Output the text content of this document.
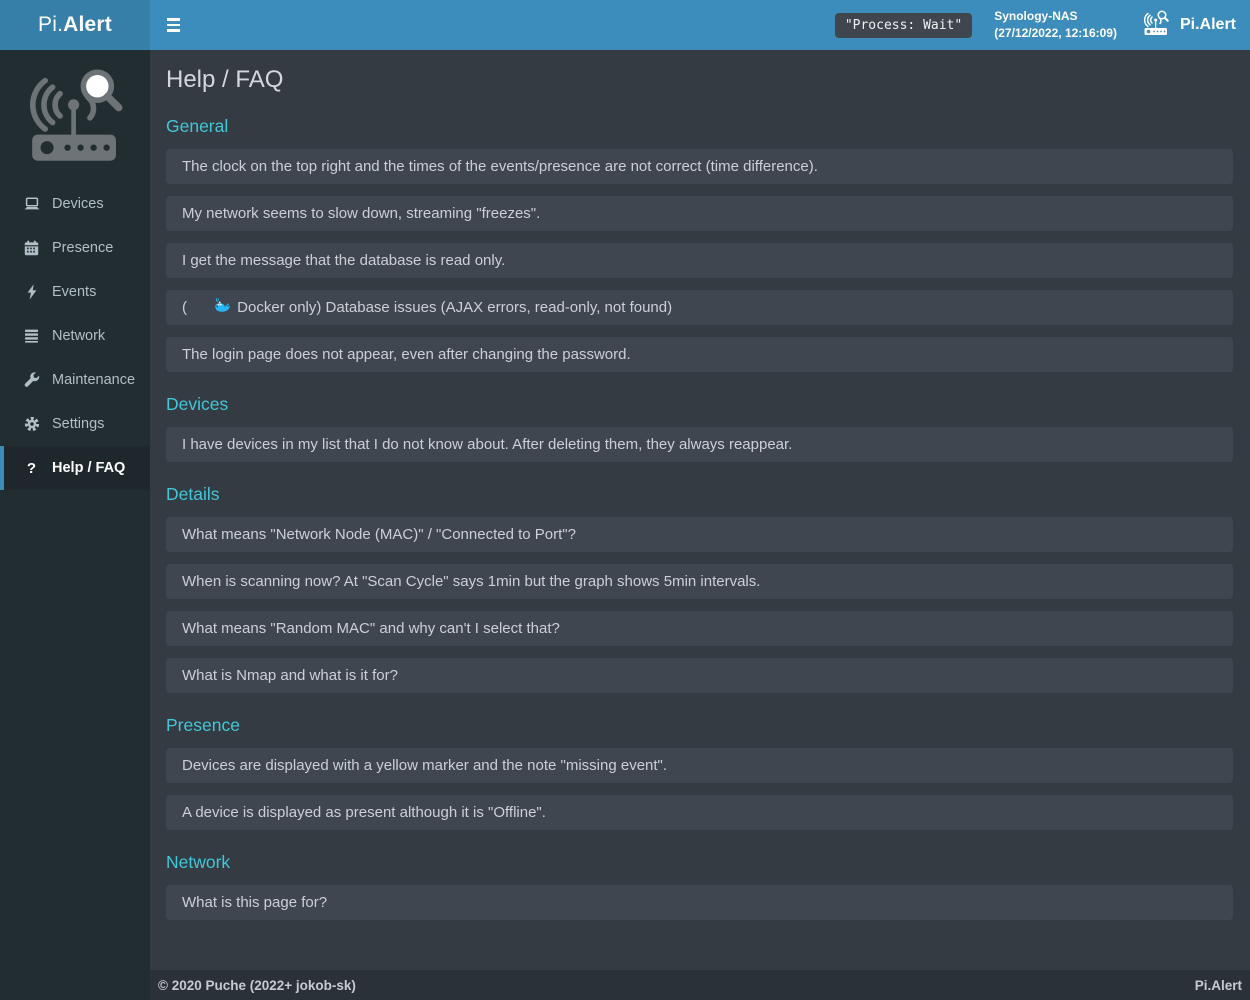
Pi. Alert	"Process: Wait"
Synology-NAS
(27/12/2022, 12:16:09)	Pi.Alert
Devices
Presence
Events
Network
Maintenance
Settings
?	Help / FAQ
Help / FAQ
General
The clock on the top right and the times of the events/presence are not correct (time difference).
My network seems to slow down, streaming "freezes".
I get the message that the database is read only.
(

	Docker only) Database issues (AJAX errors, read-only, not found)
The login page does not appear, even after changing the password.
Devices
I have devices in my list that I do not know about. After deleting them, they always reappear.
Details
What means "Network Node (MAC)" / "Connected to Port"?
When is scanning now? At "Scan Cycle" says 1min but the graph shows 5min intervals.
What means "Random MAC" and why can't I select that?
What is Nmap and what is it for?
Presence
Devices are displayed with a yellow marker and the note "missing event".
A device is displayed as present although it is "Offline".
Network
What is this page for?
© 2020 Puche (2022+ jokob-sk)	Pi.Alert
